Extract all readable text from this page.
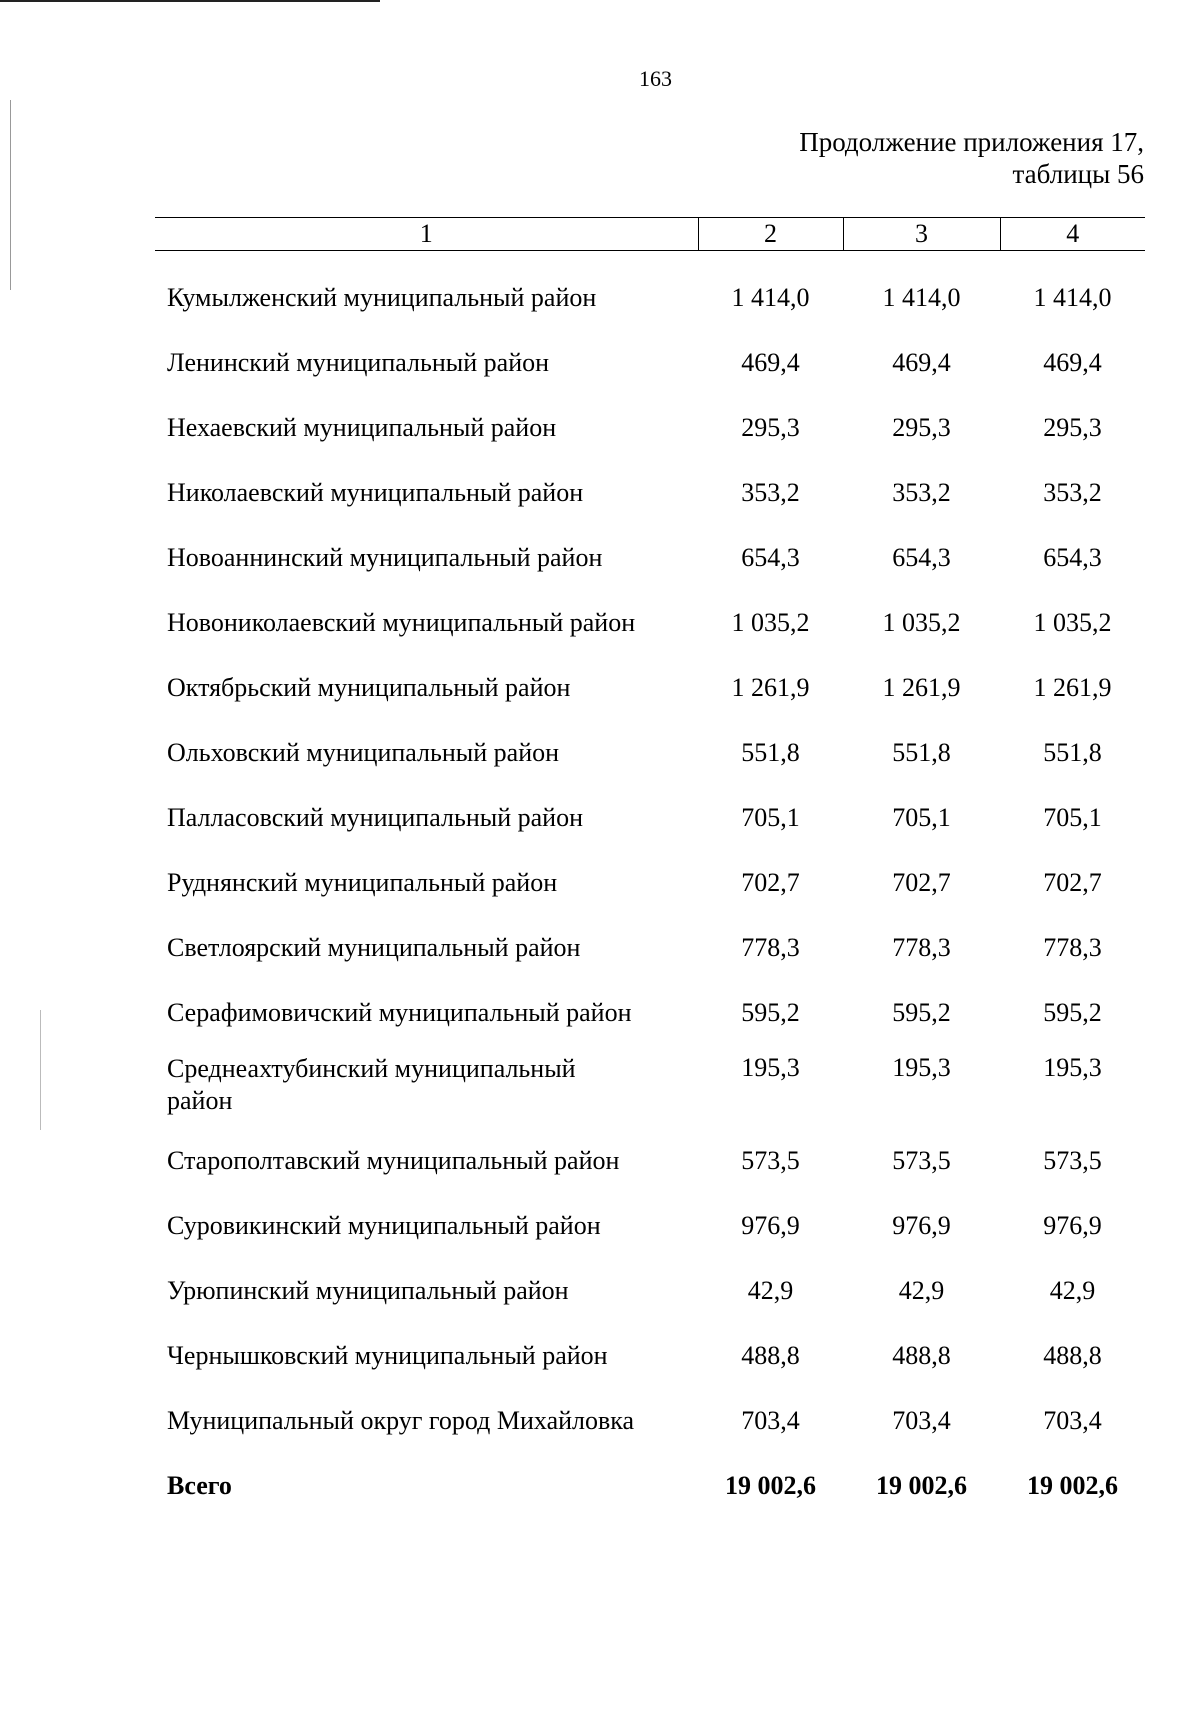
163
Продолжение приложения 17,
таблицы 56
1	2	3	4
Кумылженский муниципальный район	1 414,0	1 414,0	1 414,0
Ленинский муниципальный район	469,4	469,4	469,4
Нехаевский муниципальный район	295,3	295,3	295,3
Николаевский муниципальный район	353,2	353,2	353,2
Новоаннинский муниципальный район	654,3	654,3	654,3
Новониколаевский муниципальный район	1 035,2	1 035,2	1 035,2
Октябрьский муниципальный район	1 261,9	1 261,9	1 261,9
Ольховский муниципальный район	551,8	551,8	551,8
Палласовский муниципальный район	705,1	705,1	705,1
Руднянский муниципальный район	702,7	702,7	702,7
Светлоярский муниципальный район	778,3	778,3	778,3
Серафимовичский муниципальный район	595,2	595,2	595,2
Среднеахтубинский муниципальный район	195,3	195,3	195,3
Старополтавский муниципальный район	573,5	573,5	573,5
Суровикинский муниципальный район	976,9	976,9	976,9
Урюпинский муниципальный район	42,9	42,9	42,9
Чернышковский муниципальный район	488,8	488,8	488,8
Муниципальный округ город Михайловка	703,4	703,4	703,4
Всего	19 002,6	19 002,6	19 002,6
